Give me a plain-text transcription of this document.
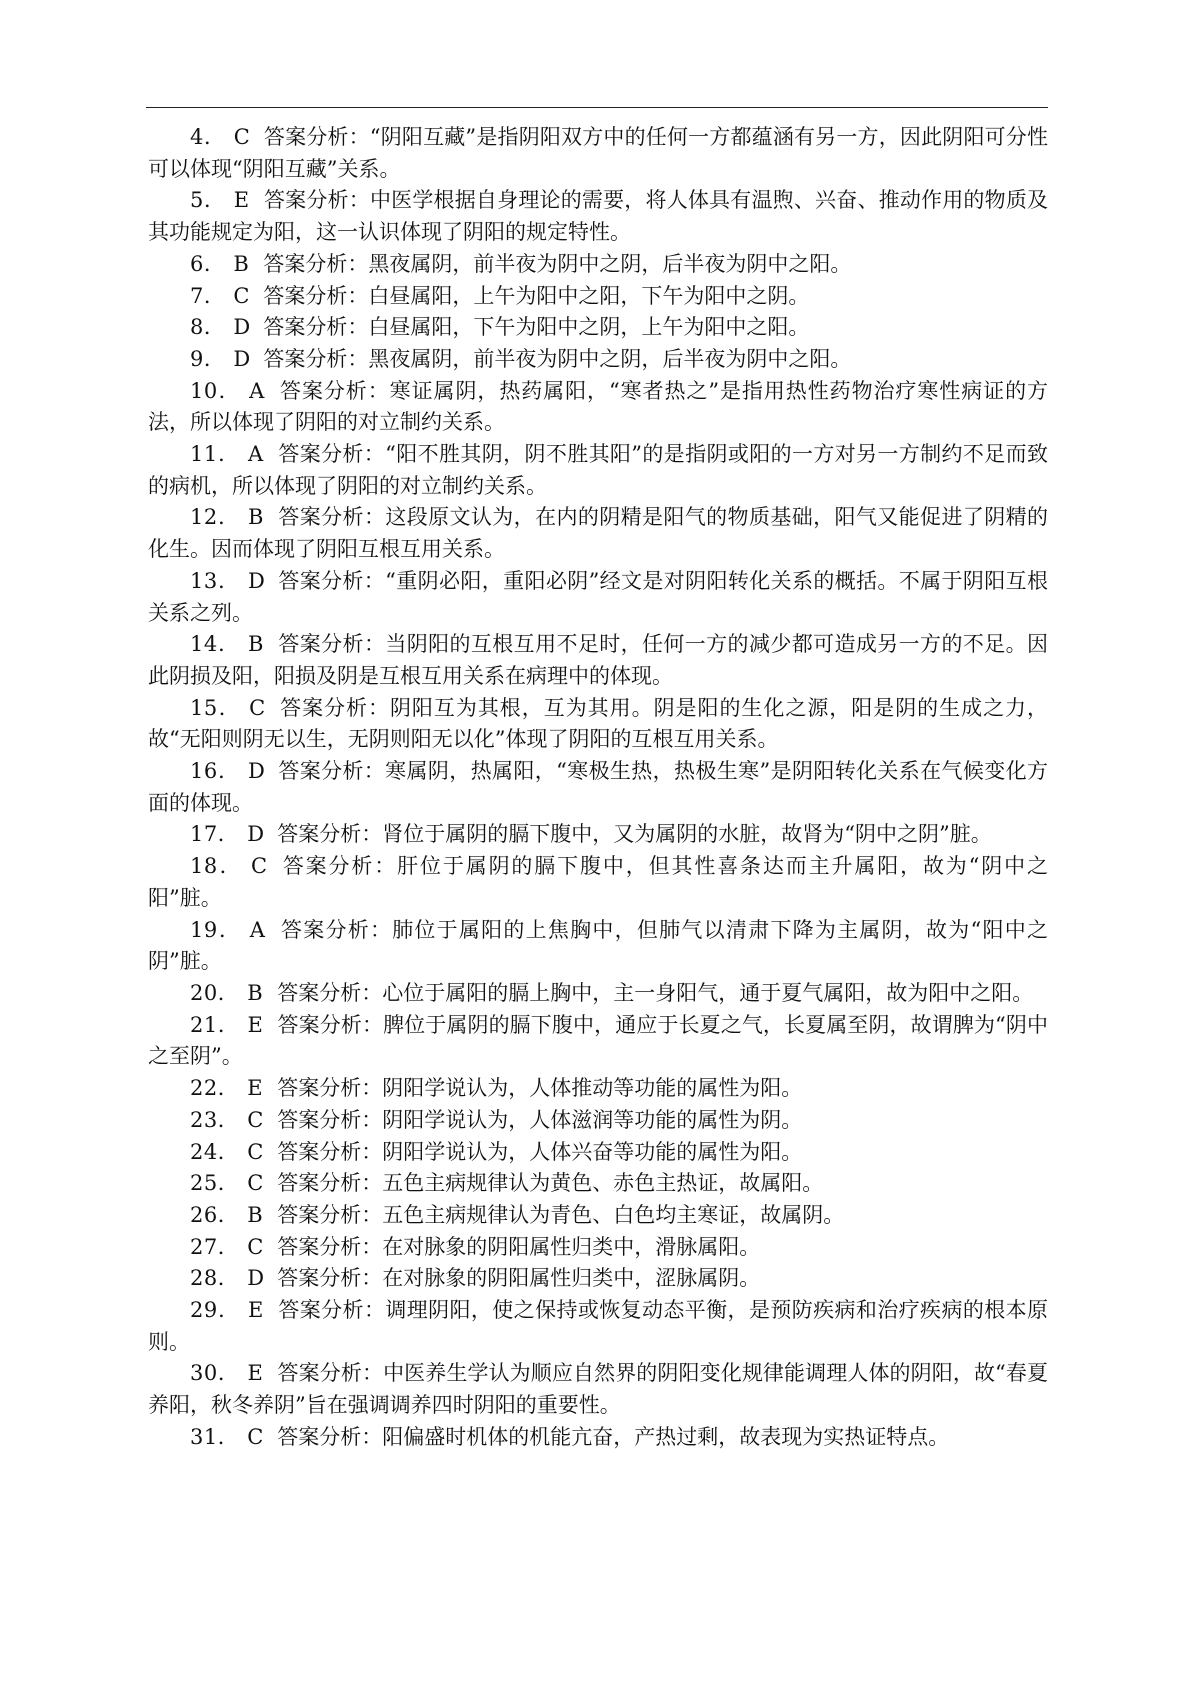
4． C 答案分析：“阴阳互藏”是指阴阳双方中的任何一方都蕴涵有另一方，因此阴阳可分性可以体现“阴阳互藏”关系。
5． E 答案分析：中医学根据自身理论的需要，将人体具有温煦、兴奋、推动作用的物质及其功能规定为阳，这一认识体现了阴阳的规定特性。
6． B 答案分析：黑夜属阴，前半夜为阴中之阴，后半夜为阴中之阳。
7． C 答案分析：白昼属阳，上午为阳中之阳，下午为阳中之阴。
8． D 答案分析：白昼属阳，下午为阳中之阴，上午为阳中之阳。
9． D 答案分析：黑夜属阴，前半夜为阴中之阴，后半夜为阴中之阳。
10． A 答案分析：寒证属阴，热药属阳，“寒者热之”是指用热性药物治疗寒性病证的方法，所以体现了阴阳的对立制约关系。
11． A 答案分析：“阳不胜其阴，阴不胜其阳”的是指阴或阳的一方对另一方制约不足而致的病机，所以体现了阴阳的对立制约关系。
12． B 答案分析：这段原文认为，在内的阴精是阳气的物质基础，阳气又能促进了阴精的化生。因而体现了阴阳互根互用关系。
13． D 答案分析：“重阴必阳，重阳必阴”经文是对阴阳转化关系的概括。不属于阴阳互根关系之列。
14． B 答案分析：当阴阳的互根互用不足时，任何一方的减少都可造成另一方的不足。因此阴损及阳，阳损及阴是互根互用关系在病理中的体现。
15． C 答案分析：阴阳互为其根，互为其用。阴是阳的生化之源，阳是阴的生成之力，故“无阳则阴无以生，无阴则阳无以化”体现了阴阳的互根互用关系。
16． D 答案分析：寒属阴，热属阳，“寒极生热，热极生寒”是阴阳转化关系在气候变化方面的体现。
17． D 答案分析：肾位于属阴的膈下腹中，又为属阴的水脏，故肾为“阴中之阴”脏。
18． C 答案分析：肝位于属阴的膈下腹中，但其性喜条达而主升属阳，故为“阴中之阳”脏。
19． A 答案分析：肺位于属阳的上焦胸中，但肺气以清肃下降为主属阴，故为“阳中之阴”脏。
20． B 答案分析：心位于属阳的膈上胸中，主一身阳气，通于夏气属阳，故为阳中之阳。
21． E 答案分析：脾位于属阴的膈下腹中，通应于长夏之气，长夏属至阴，故谓脾为“阴中之至阴”。
22． E 答案分析：阴阳学说认为，人体推动等功能的属性为阳。
23． C 答案分析：阴阳学说认为，人体滋润等功能的属性为阴。
24． C 答案分析：阴阳学说认为，人体兴奋等功能的属性为阳。
25． C 答案分析：五色主病规律认为黄色、赤色主热证，故属阳。
26． B 答案分析：五色主病规律认为青色、白色均主寒证，故属阴。
27． C 答案分析：在对脉象的阴阳属性归类中，滑脉属阳。
28． D 答案分析：在对脉象的阴阳属性归类中，涩脉属阴。
29． E 答案分析：调理阴阳，使之保持或恢复动态平衡，是预防疾病和治疗疾病的根本原则。
30． E 答案分析：中医养生学认为顺应自然界的阴阳变化规律能调理人体的阴阳，故“春夏养阳，秋冬养阴”旨在强调调养四时阴阳的重要性。
31． C 答案分析：阳偏盛时机体的机能亢奋，产热过剩，故表现为实热证特点。
